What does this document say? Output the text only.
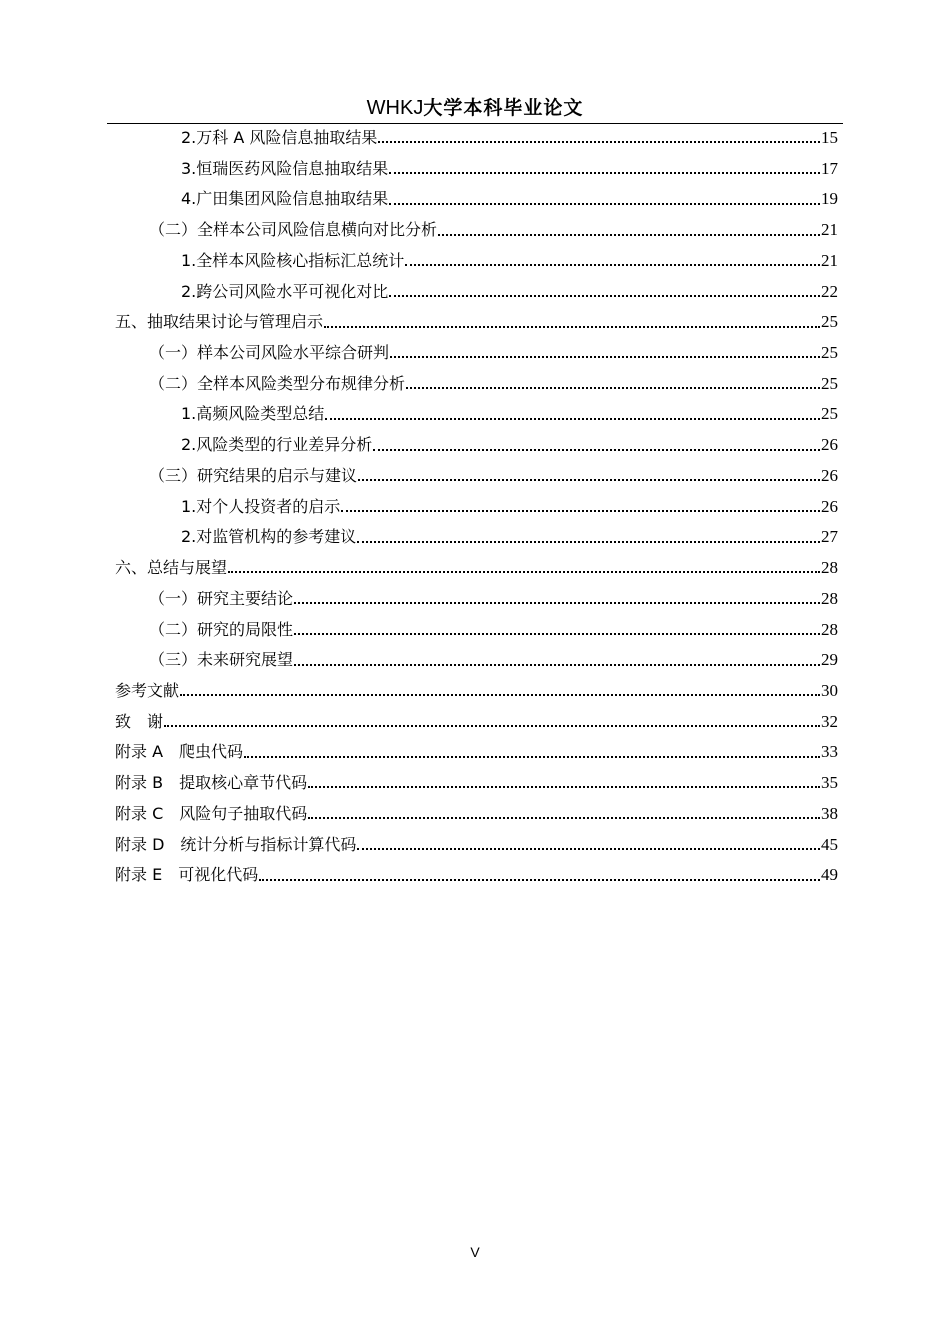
WHKJ大学本科毕业论文
2.万科 A 风险信息抽取结果	15
3.恒瑞医药风险信息抽取结果	17
4.广田集团风险信息抽取结果	19
（二）全样本公司风险信息横向对比分析	21
1.全样本风险核心指标汇总统计	21
2.跨公司风险水平可视化对比	22
五、抽取结果讨论与管理启示	25
（一）样本公司风险水平综合研判	25
（二）全样本风险类型分布规律分析	25
1.高频风险类型总结	25
2.风险类型的行业差异分析	26
（三）研究结果的启示与建议	26
1.对个人投资者的启示	26
2.对监管机构的参考建议	27
六、总结与展望	28
（一）研究主要结论	28
（二）研究的局限性	28
（三）未来研究展望	29
参考文献	30
致　谢	32
附录 A　爬虫代码	33
附录 B　提取核心章节代码	35
附录 C　风险句子抽取代码	38
附录 D　统计分析与指标计算代码	45
附录 E　可视化代码	49
V
